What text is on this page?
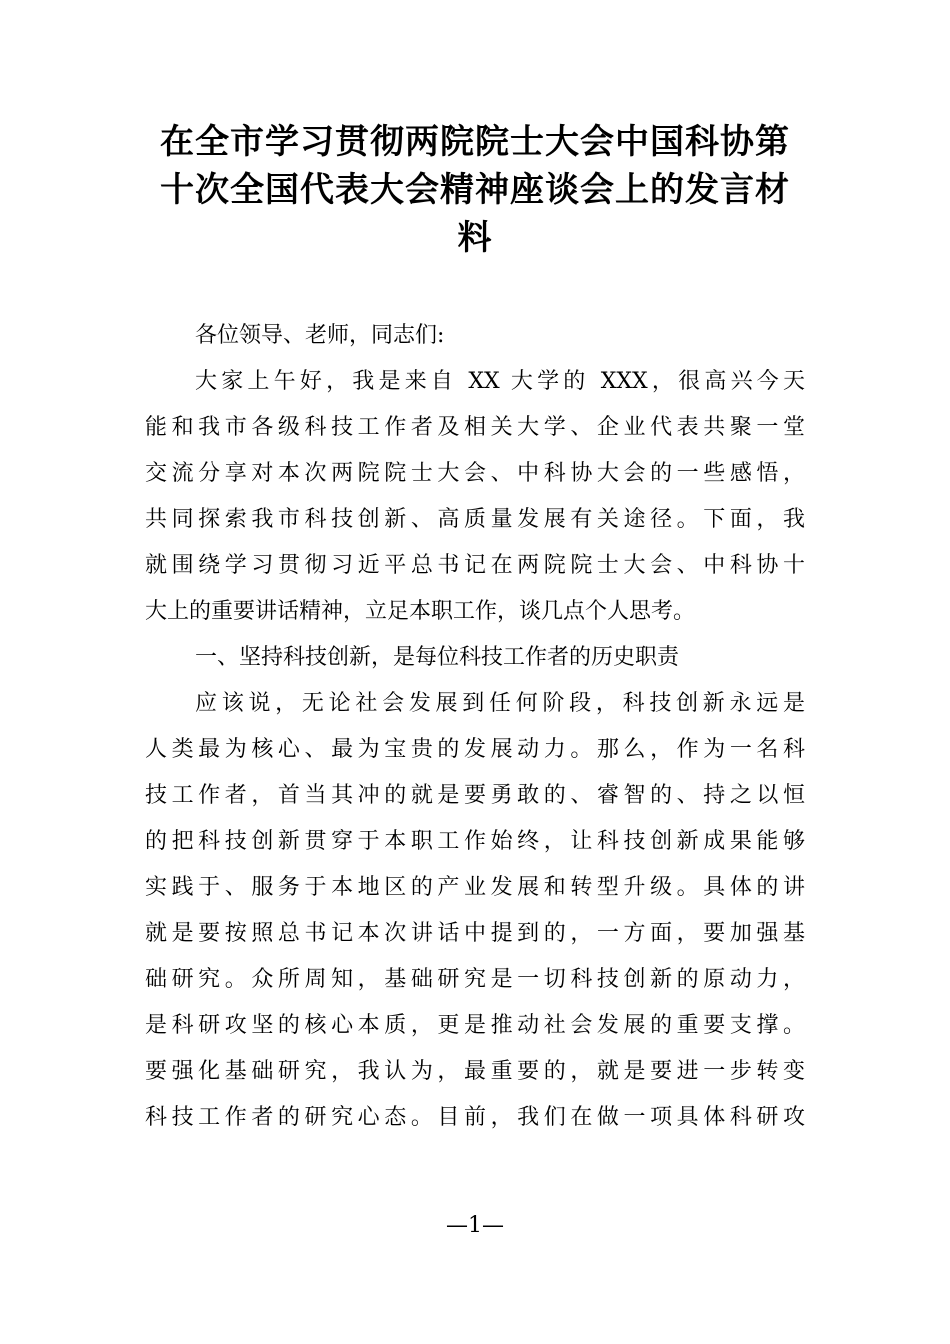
在全市学习贯彻两院院士大会中国科协第
十次全国代表大会精神座谈会上的发言材
料
各位领导、老师，同志们:
大家上午好，我是来自 XX 大学的 XXX，很高兴今天
能和我市各级科技工作者及相关大学、企业代表共聚一堂
交流分享对本次两院院士大会、中科协大会的一些感悟，
共同探索我市科技创新、高质量发展有关途径。下面，我
就围绕学习贯彻习近平总书记在两院院士大会、中科协十
大上的重要讲话精神，立足本职工作，谈几点个人思考。
一、坚持科技创新，是每位科技工作者的历史职责
应该说，无论社会发展到任何阶段，科技创新永远是
人类最为核心、最为宝贵的发展动力。那么，作为一名科
技工作者，首当其冲的就是要勇敢的、睿智的、持之以恒
的把科技创新贯穿于本职工作始终，让科技创新成果能够
实践于、服务于本地区的产业发展和转型升级。具体的讲
就是要按照总书记本次讲话中提到的，一方面，要加强基
础研究。众所周知，基础研究是一切科技创新的原动力，
是科研攻坚的核心本质，更是推动社会发展的重要支撑。
要强化基础研究，我认为，最重要的，就是要进一步转变
科技工作者的研究心态。目前，我们在做一项具体科研攻
—1—
